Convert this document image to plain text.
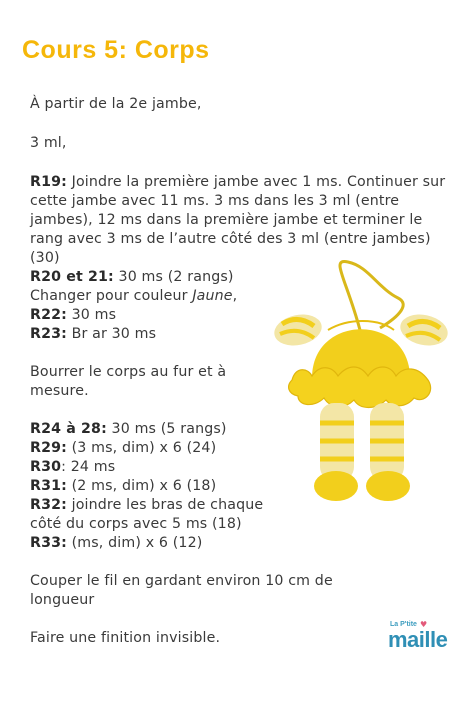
Cours 5: Corps

À partir de la 2e jambe,

3 ml,

R19: Joindre la première jambe avec 1 ms. Continuer sur cette jambe avec 11 ms. 3 ms dans les 3 ml (entre jambes), 12 ms dans la première jambe et terminer le rang avec 3 ms de l’autre côté des 3 ml (entre jambes) (30)

R20 et 21: 30 ms (2 rangs)

Changer pour couleur Jaune,

R22: 30 ms

R23: Br ar 30 ms

Bourrer le corps au fur et à mesure.

R24 à 28: 30 ms (5 rangs)

R29: (3 ms, dim) x 6 (24)

R30: 24 ms

R31: (2 ms, dim) x 6 (18)

R32: joindre les bras de chaque côté du corps avec 5 ms (18)

R33: (ms, dim) x 6 (12)

Couper le fil en gardant environ 10 cm de longueur

Faire une finition invisible.

La P'tite ♥
maille
